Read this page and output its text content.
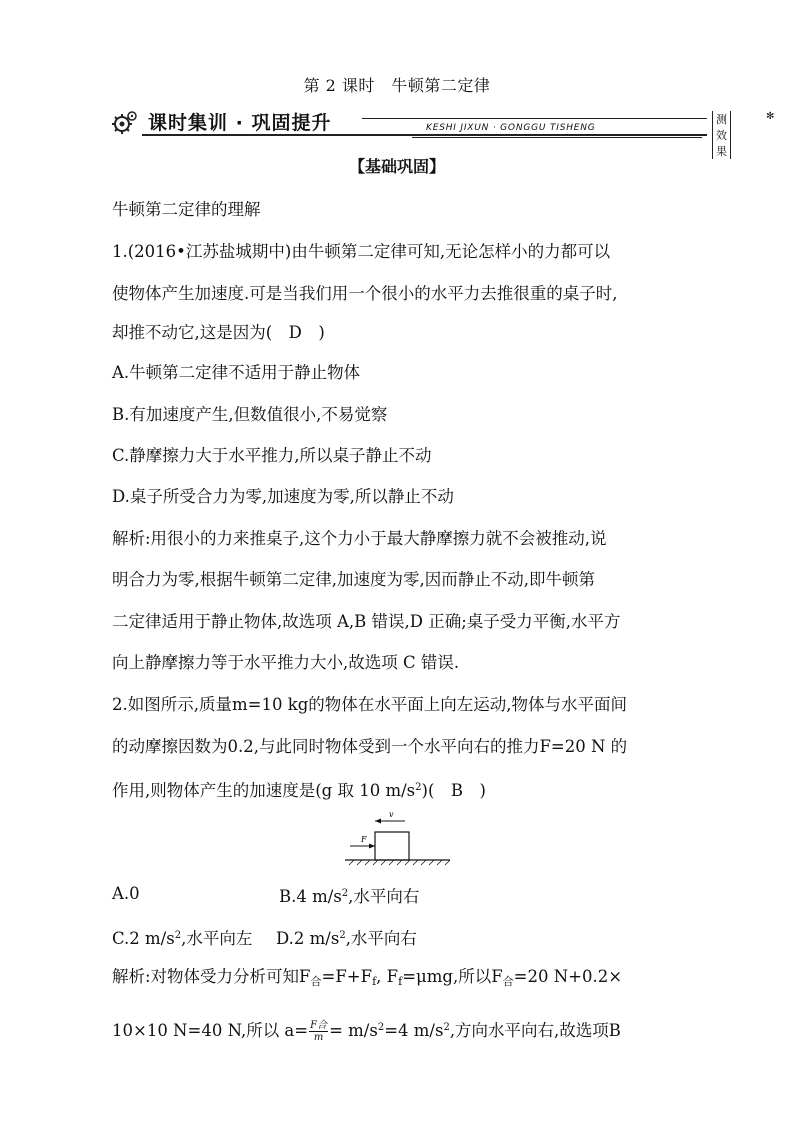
第 2 课时　牛顿第二定律
课时集训 · 巩固提升	KESHI JIXUN · GONGGU TISHENG
测效果
✻
【基础巩固】
牛顿第二定律的理解
1.(2016•江苏盐城期中)由牛顿第二定律可知,无论怎样小的力都可以
使物体产生加速度.可是当我们用一个很小的水平力去推很重的桌子时,
却推不动它,这是因为(　D　)
A.牛顿第二定律不适用于静止物体
B.有加速度产生,但数值很小,不易觉察
C.静摩擦力大于水平推力,所以桌子静止不动
D.桌子所受合力为零,加速度为零,所以静止不动
解析:用很小的力来推桌子,这个力小于最大静摩擦力就不会被推动,说
明合力为零,根据牛顿第二定律,加速度为零,因而静止不动,即牛顿第
二定律适用于静止物体,故选项 A,B 错误,D 正确;桌子受力平衡,水平方
向上静摩擦力等于水平推力大小,故选项 C 错误.
2.如图所示,质量m=10 kg的物体在水平面上向左运动,物体与水平面间
的动摩擦因数为0.2,与此同时物体受到一个水平向右的推力F=20 N 的
作用,则物体产生的加速度是(g 取 10 $m/s^2$)(　B　)
v
F
A.0	B.4 $m/s^2$,水平向右
C.2 $m/s^2$,水平向左 D.2 $m/s^2$,水平向右
解析:对物体受力分析可知$F_合=F+F_f$, $F_f=\mu mg$,所以$F_合=20$ N+0.2×
10×10 N=40 N,所以 $a= \frac{\text{F合}}{m} = m/s^2=4$ $m/s^2$,方向水平向右,故选项B
